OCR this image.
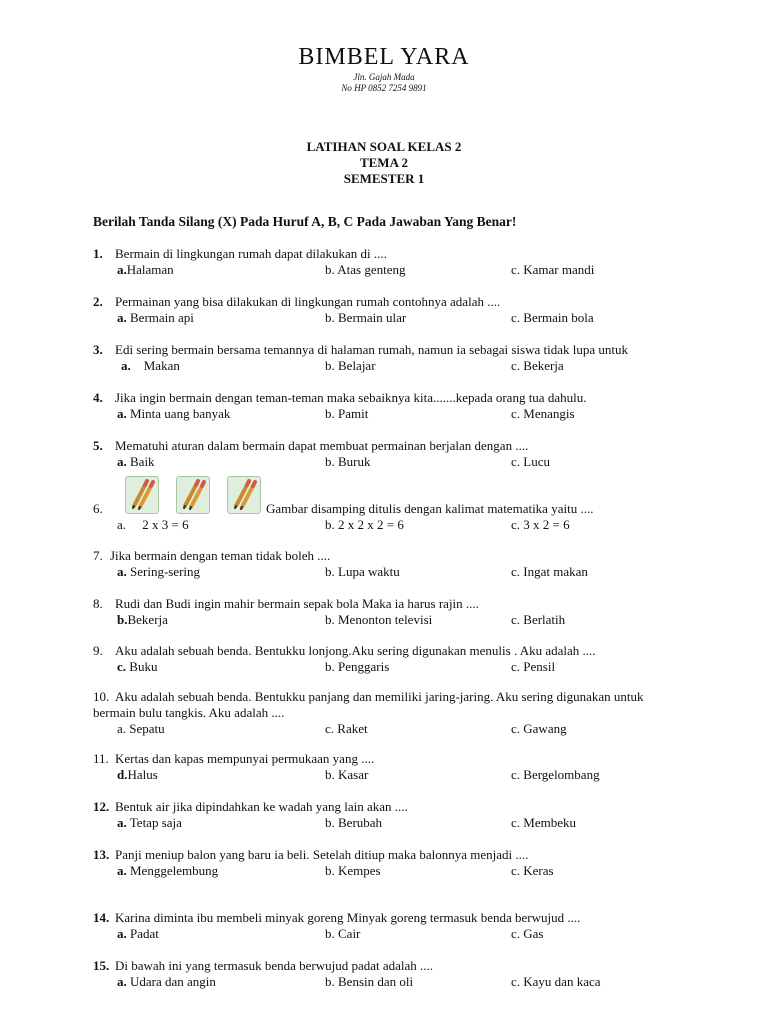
BIMBEL YARA
Jln. Gajah Mada
No HP 0852 7254 9891
LATIHAN SOAL KELAS 2
TEMA 2
SEMESTER 1
Berilah Tanda Silang (X) Pada Huruf A, B, C Pada Jawaban Yang Benar!
1. Bermain di lingkungan rumah dapat dilakukan di ....
a.Halaman	b. Atas genteng	c. Kamar mandi
2. Permainan yang bisa dilakukan di lingkungan rumah contohnya adalah ....
a. Bermain api	b. Bermain ular	c. Bermain bola
3. Edi sering bermain bersama temannya di halaman rumah, namun ia sebagai siswa tidak lupa untuk
a. Makan	b. Belajar	c. Bekerja
4. Jika ingin bermain dengan teman-teman maka sebaiknya kita.......kepada orang tua dahulu.
a. Minta uang banyak	b. Pamit	c. Menangis
5. Mematuhi aturan dalam bermain dapat membuat permainan berjalan dengan ....
a. Baik	b. Buruk	c. Lucu
6.	Gambar disamping ditulis dengan kalimat matematika yaitu ....
a. 2 x 3 = 6	b. 2 x 2 x 2 = 6	c. 3 x 2 = 6
7. Jika bermain dengan teman tidak boleh ....
a. Sering-sering	b. Lupa waktu	c. Ingat makan
8. Rudi dan Budi ingin mahir bermain sepak bola Maka ia harus rajin ....
b.Bekerja	b. Menonton televisi	c. Berlatih
9. Aku adalah sebuah benda. Bentukku lonjong.Aku sering digunakan menulis . Aku adalah ....
c. Buku	b. Penggaris	c. Pensil
10. Aku adalah sebuah benda. Bentukku panjang dan memiliki jaring-jaring. Aku sering digunakan untuk
bermain bulu tangkis. Aku adalah ....
a. Sepatu	c. Raket	c. Gawang
11. Kertas dan kapas mempunyai permukaan yang ....
d.Halus	b. Kasar	c. Bergelombang
12. Bentuk air jika dipindahkan ke wadah yang lain akan ....
a. Tetap saja	b. Berubah	c. Membeku
13. Panji meniup balon yang baru ia beli. Setelah ditiup maka balonnya menjadi ....
a. Menggelembung	b. Kempes	c. Keras
14. Karina diminta ibu membeli minyak goreng Minyak goreng termasuk benda berwujud ....
a. Padat	b. Cair	c. Gas
15. Di bawah ini yang termasuk benda berwujud padat adalah ....
a. Udara dan angin	b. Bensin dan oli	c. Kayu dan kaca
